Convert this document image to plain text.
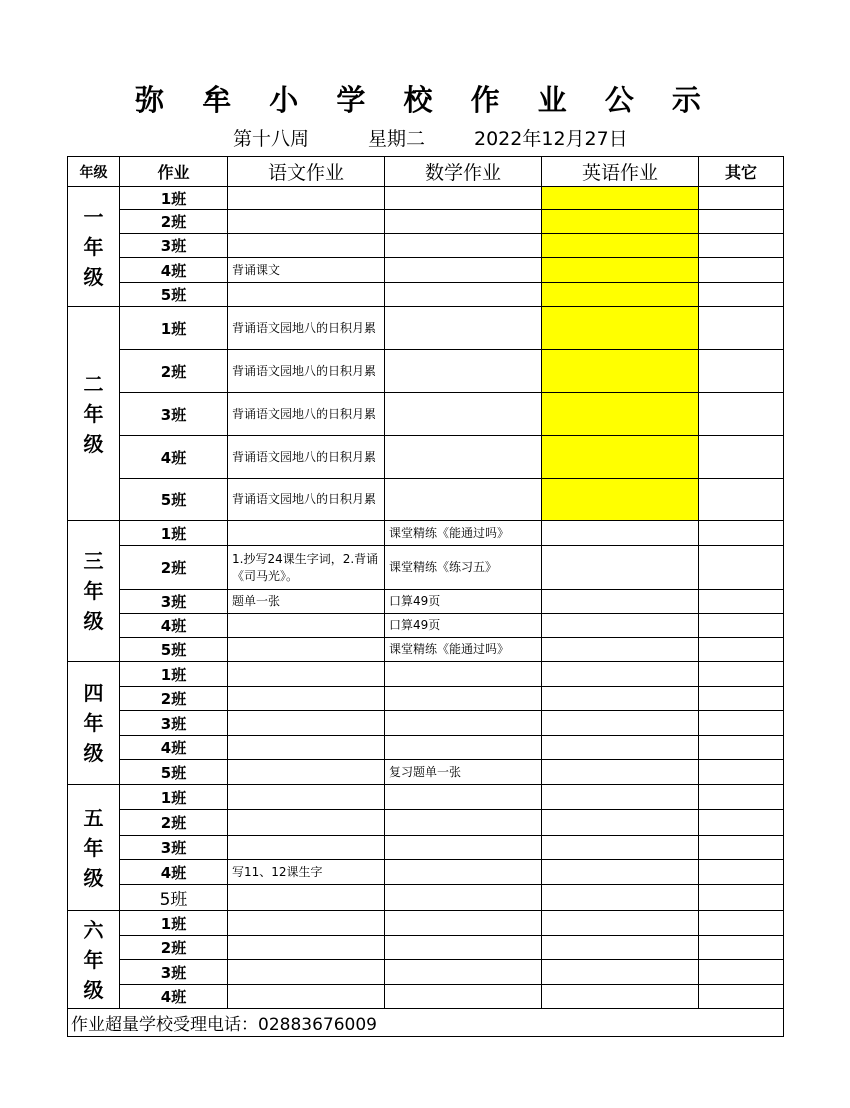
弥 牟 小 学 校 作 业 公 示
第十八周	星期二	2022年12月27日
年级	作业	语文作业	数学作业	英语作业	其它

一
年
级	1班				
	2班				
	3班				
	4班	背诵课文			
	5班				

二
年
级	1班	背诵语文园地八的日积月累			
	2班	背诵语文园地八的日积月累			
	3班	背诵语文园地八的日积月累			
	4班	背诵语文园地八的日积月累			
	5班	背诵语文园地八的日积月累			

三
年
级	1班		课堂精练《能通过吗》		
	2班	1.抄写24课生字词，2.背诵《司马光》。	课堂精练《练习五》		
	3班	题单一张	口算49页		
	4班		口算49页		
	5班		课堂精练《能通过吗》		

四
年
级	1班				
	2班				
	3班				
	4班				
	5班		复习题单一张		

五
年
级	1班				
	2班				
	3班				
	4班	写11、12课生字			
	5班				

六
年
级	1班				
	2班				
	3班				
	4班				
作业超量学校受理电话：02883676009					
